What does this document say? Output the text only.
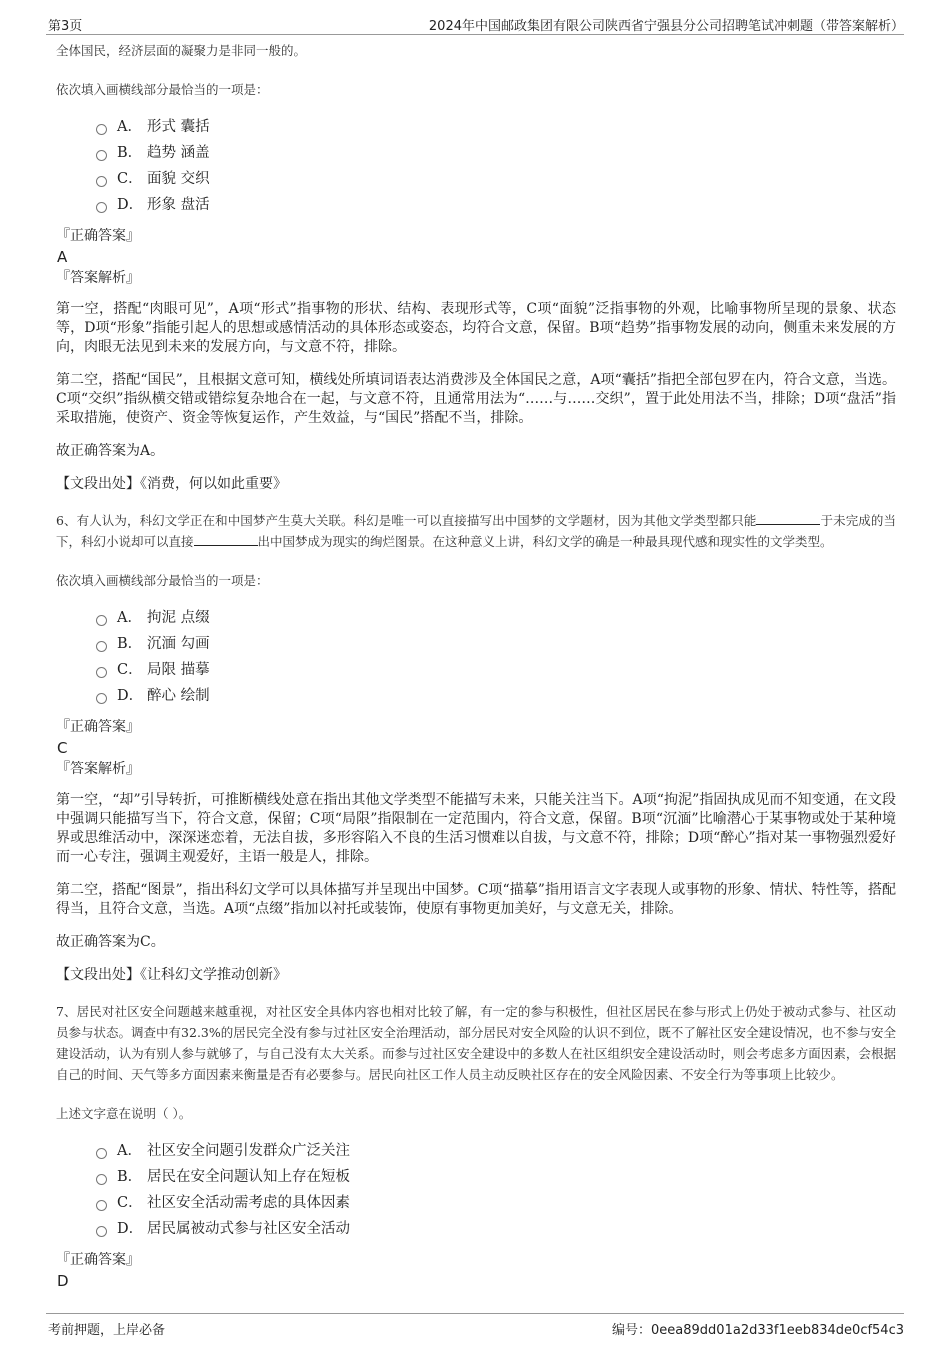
第3页	2024年中国邮政集团有限公司陕西省宁强县分公司招聘笔试冲刺题（带答案解析）

全体国民，经济层面的凝聚力是非同一般的。

依次填入画横线部分最恰当的一项是：

A． 形式 囊括
B． 趋势 涵盖
C． 面貌 交织
D． 形象 盘活

『正确答案』

A

『答案解析』

第一空，搭配“肉眼可见”，A项“形式”指事物的形状、结构、表现形式等，C项“面貌”泛指事物的外观，比喻事物所呈现的景象、状态等，D项“形象”指能引起人的思想或感情活动的具体形态或姿态，均符合文意，保留。B项“趋势”指事物发展的动向，侧重未来发展的方向，肉眼无法见到未来的发展方向，与文意不符，排除。

第二空，搭配“国民”，且根据文意可知，横线处所填词语表达消费涉及全体国民之意，A项“囊括”指把全部包罗在内，符合文意，当选。C项“交织”指纵横交错或错综复杂地合在一起，与文意不符，且通常用法为“……与……交织”，置于此处用法不当，排除；D项“盘活”指采取措施，使资产、资金等恢复运作，产生效益，与“国民”搭配不当，排除。

故正确答案为A。

【文段出处】《消费，何以如此重要》

6、有人认为，科幻文学正在和中国梦产生莫大关联。科幻是唯一可以直接描写出中国梦的文学题材，因为其他文学类型都只能	于未完成的当下，科幻小说却可以直接	出中国梦成为现实的绚烂图景。在这种意义上讲，科幻文学的确是一种最具现代感和现实性的文学类型。

依次填入画横线部分最恰当的一项是：

A． 拘泥 点缀
B． 沉湎 勾画
C． 局限 描摹
D． 醉心 绘制

『正确答案』

C

『答案解析』

第一空，“却”引导转折，可推断横线处意在指出其他文学类型不能描写未来，只能关注当下。A项“拘泥”指固执成见而不知变通，在文段中强调只能描写当下，符合文意，保留；C项“局限”指限制在一定范围内，符合文意，保留。B项“沉湎”比喻潜心于某事物或处于某种境界或思维活动中，深深迷恋着，无法自拔，多形容陷入不良的生活习惯难以自拔，与文意不符，排除；D项“醉心”指对某一事物强烈爱好而一心专注，强调主观爱好，主语一般是人，排除。

第二空，搭配“图景”，指出科幻文学可以具体描写并呈现出中国梦。C项“描摹”指用语言文字表现人或事物的形象、情状、特性等，搭配得当，且符合文意，当选。A项“点缀”指加以衬托或装饰，使原有事物更加美好，与文意无关，排除。

故正确答案为C。

【文段出处】《让科幻文学推动创新》

7、居民对社区安全问题越来越重视，对社区安全具体内容也相对比较了解，有一定的参与积极性，但社区居民在参与形式上仍处于被动式参与、社区动员参与状态。调查中有32.3%的居民完全没有参与过社区安全治理活动，部分居民对安全风险的认识不到位，既不了解社区安全建设情况，也不参与安全建设活动，认为有别人参与就够了，与自己没有太大关系。而参与过社区安全建设中的多数人在社区组织安全建设活动时，则会考虑多方面因素，会根据自己的时间、天气等多方面因素来衡量是否有必要参与。居民向社区工作人员主动反映社区存在的安全风险因素、不安全行为等事项上比较少。

上述文字意在说明（ ）。

A． 社区安全问题引发群众广泛关注
B． 居民在安全问题认知上存在短板
C． 社区安全活动需考虑的具体因素
D． 居民属被动式参与社区安全活动

『正确答案』

D

考前押题，上岸必备	编号：0eea89dd01a2d33f1eeb834de0cf54c3
